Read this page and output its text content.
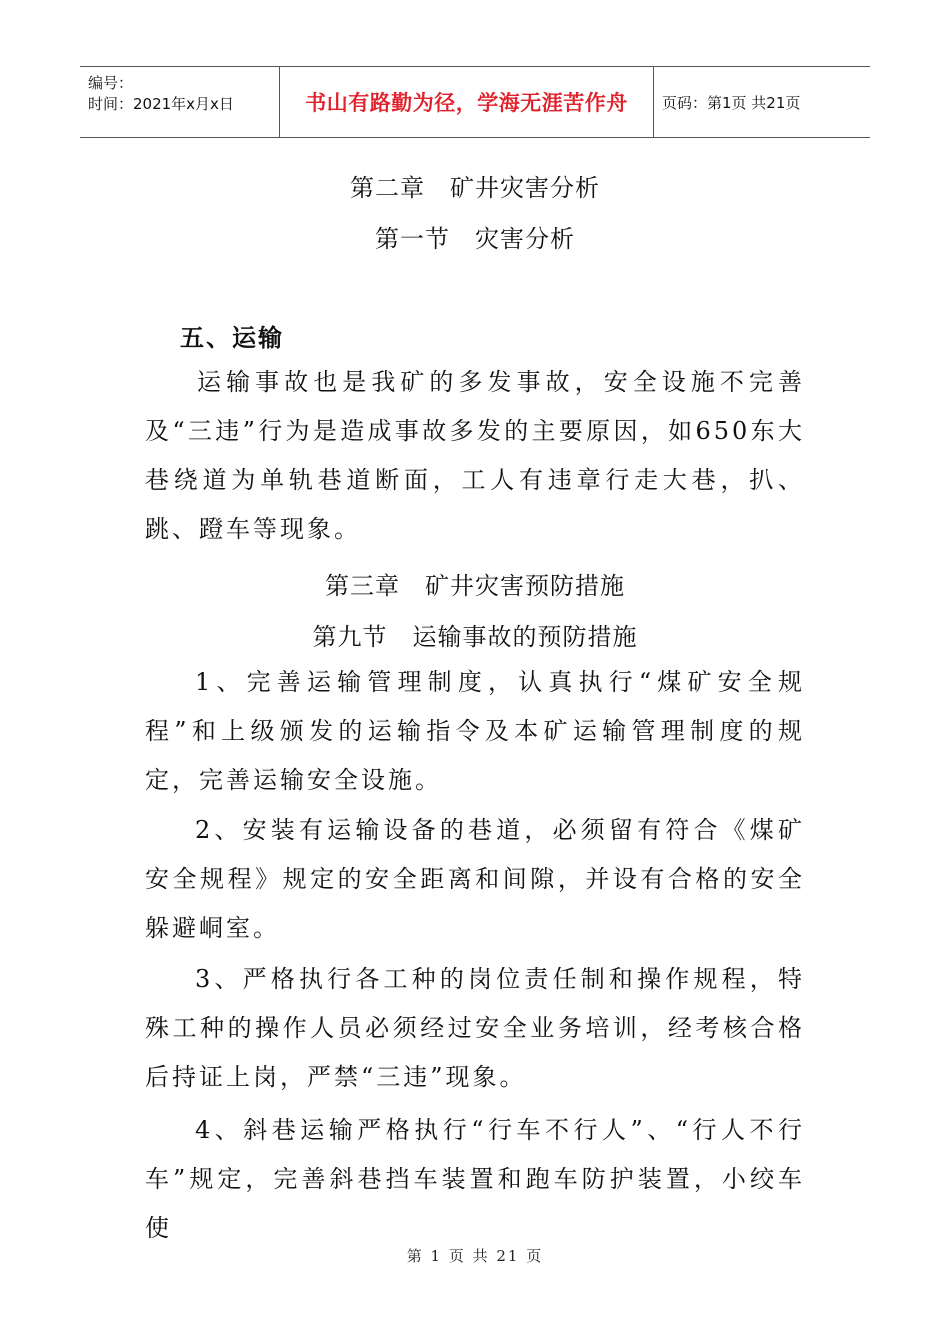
编号：
时间：2021年x月x日	书山有路勤为径，学海无涯苦作舟 页码：第1页 共21页
第二章　矿井灾害分析
第一节　灾害分析
五、运输
运输事故也是我矿的多发事故，安全设施不完善及“三违”行为是造成事故多发的主要原因，如650东大巷绕道为单轨巷道断面，工人有违章行走大巷，扒、跳、蹬车等现象。
第三章　矿井灾害预防措施
第九节　运输事故的预防措施
1、完善运输管理制度，认真执行“煤矿安全规程”和上级颁发的运输指令及本矿运输管理制度的规定，完善运输安全设施。
2、安装有运输设备的巷道，必须留有符合《煤矿安全规程》规定的安全距离和间隙，并设有合格的安全躲避峒室。
3、严格执行各工种的岗位责任制和操作规程，特殊工种的操作人员必须经过安全业务培训，经考核合格后持证上岗，严禁“三违”现象。
4、斜巷运输严格执行“行车不行人”、“行人不行车”规定，完善斜巷挡车装置和跑车防护装置，小绞车使
第 1 页 共 21 页
